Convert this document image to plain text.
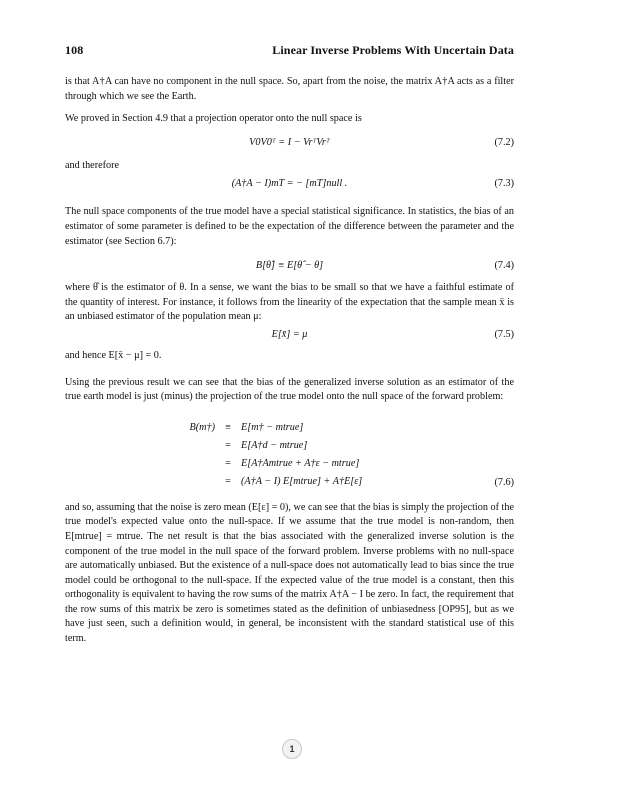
108	Linear Inverse Problems With Uncertain Data

is that A†A can have no component in the null space. So, apart from the noise, the matrix A†A acts as a filter through which we see the Earth.

We proved in Section 4.9 that a projection operator onto the null space is

V0V0ᵀ = I − VrᵀVrᵀ	(7.2)

and therefore

(A†A − I)mT = − [mT]null .	(7.3)

The null space components of the true model have a special statistical significance. In statistics, the bias of an estimator of some parameter is defined to be the expectation of the difference between the parameter and the estimator (see Section 6.7):

B[θ̂] ≡ E[θ̂ − θ]	(7.4)

where θ̂ is the estimator of θ. In a sense, we want the bias to be small so that we have a faithful estimate of the quantity of interest. For instance, it follows from the linearity of the expectation that the sample mean x̄ is an unbiased estimator of the population mean μ:

E[x̄] = μ	(7.5)

and hence E[x̄ − μ] = 0.

Using the previous result we can see that the bias of the generalized inverse solution as an estimator of the true earth model is just (minus) the projection of the true model onto the null space of the forward problem:

B(m†) ≡ E[m† − mtrue]
= E[A†d − mtrue]
= E[A†Amtrue + A†ε − mtrue]
= (A†A − I) E[mtrue] + A†E[ε]	(7.6)

and so, assuming that the noise is zero mean (E[ε] = 0), we can see that the bias is simply the projection of the true model's expected value onto the null-space. If we assume that the true model is non-random, then E[mtrue] = mtrue. The net result is that the bias associated with the generalized inverse solution is the component of the true model in the null space of the forward problem. Inverse problems with no null-space are automatically unbiased. But the existence of a null-space does not automatically lead to bias since the true model could be orthogonal to the null-space. If the expected value of the true model is a constant, then this orthogonality is equivalent to having the row sums of the matrix A†A − I be zero. In fact, the requirement that the row sums of this matrix be zero is sometimes stated as the definition of unbiasedness [OP95], but as we have just seen, such a definition would, in general, be inconsistent with the standard statistical use of this term.

1
